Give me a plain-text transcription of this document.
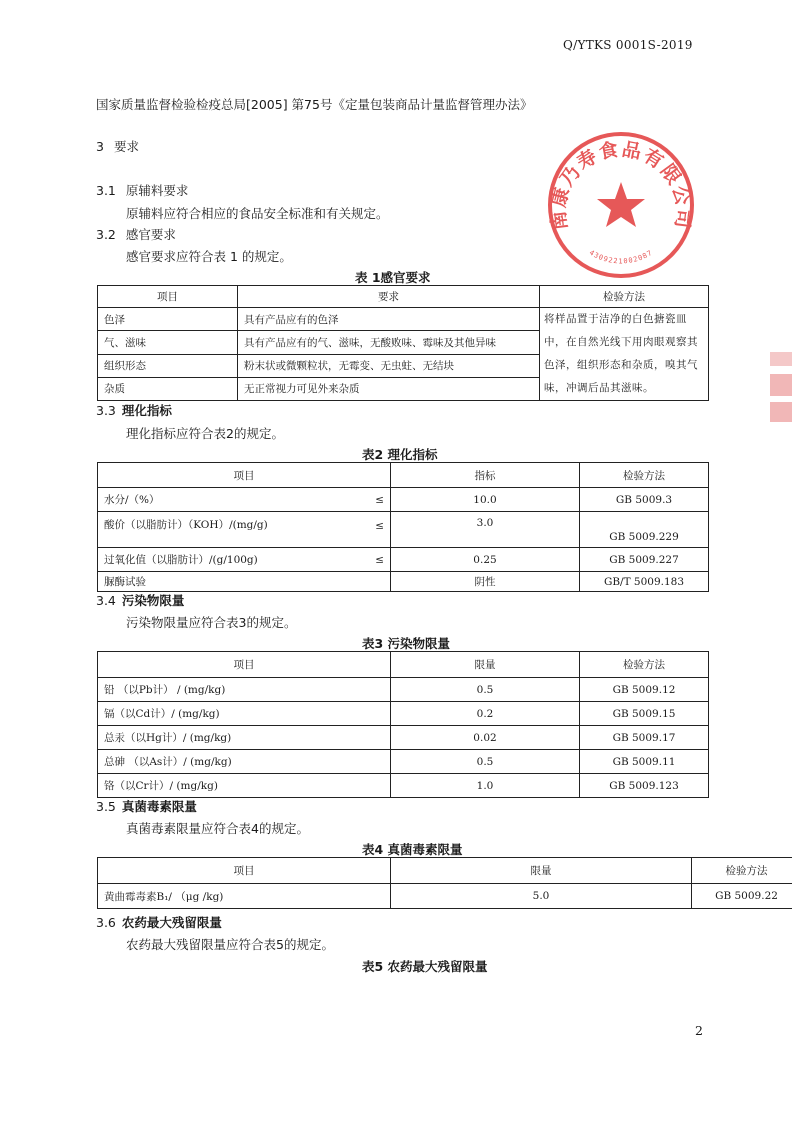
Q/YTKS 0001S-2019
国家质量监督检验检疫总局[2005] 第75号《定量包装商品计量监督管理办法》
3 要求
3.1 原辅料要求
原辅料应符合相应的食品安全标准和有关规定。
3.2 感官要求
感官要求应符合表 1 的规定。
表 1感官要求
项目	要求	检验方法
色泽	具有产品应有的色泽	将样品置于洁净的白色搪瓷皿中，在自然光线下用肉眼观察其色泽，组织形态和杂质，嗅其气味，冲调后品其滋味。
气、滋味	具有产品应有的气、滋味，无酸败味、霉味及其他异味	
组织形态	粉末状或微颗粒状，无霉变、无虫蛀、无结块	
杂质	无正常视力可见外来杂质	
3.3 理化指标
理化指标应符合表2的规定。
表2 理化指标
项目	指标	检验方法
水分/（%） ≤	10.0	GB 5009.3
酸价（以脂肪计）（KOH）/(mg/g) ≤	3.0	GB 5009.229
过氧化值（以脂肪计）/(g/100g) ≤	0.25	GB 5009.227
脲酶试验	阴性	GB/T 5009.183
3.4 污染物限量
污染物限量应符合表3的规定。
表3 污染物限量
项目	限量	检验方法
铅 （以Pb计） / (mg/kg)	0.5	GB 5009.12
镉（以Cd计）/ (mg/kg)	0.2	GB 5009.15
总汞（以Hg计）/ (mg/kg)	0.02	GB 5009.17
总砷 （以As计）/ (mg/kg)	0.5	GB 5009.11
铬（以Cr计）/ (mg/kg)	1.0	GB 5009.123
3.5 真菌毒素限量
真菌毒素限量应符合表4的规定。
表4 真菌毒素限量
项目	限量	检验方法
黄曲霉毒素B₁/ （μg /kg)	5.0	GB 5009.22
3.6 农药最大残留限量
农药最大残留限量应符合表5的规定。
表5 农药最大残留限量
2
南康乃寿食品有限公司
4309221002087
